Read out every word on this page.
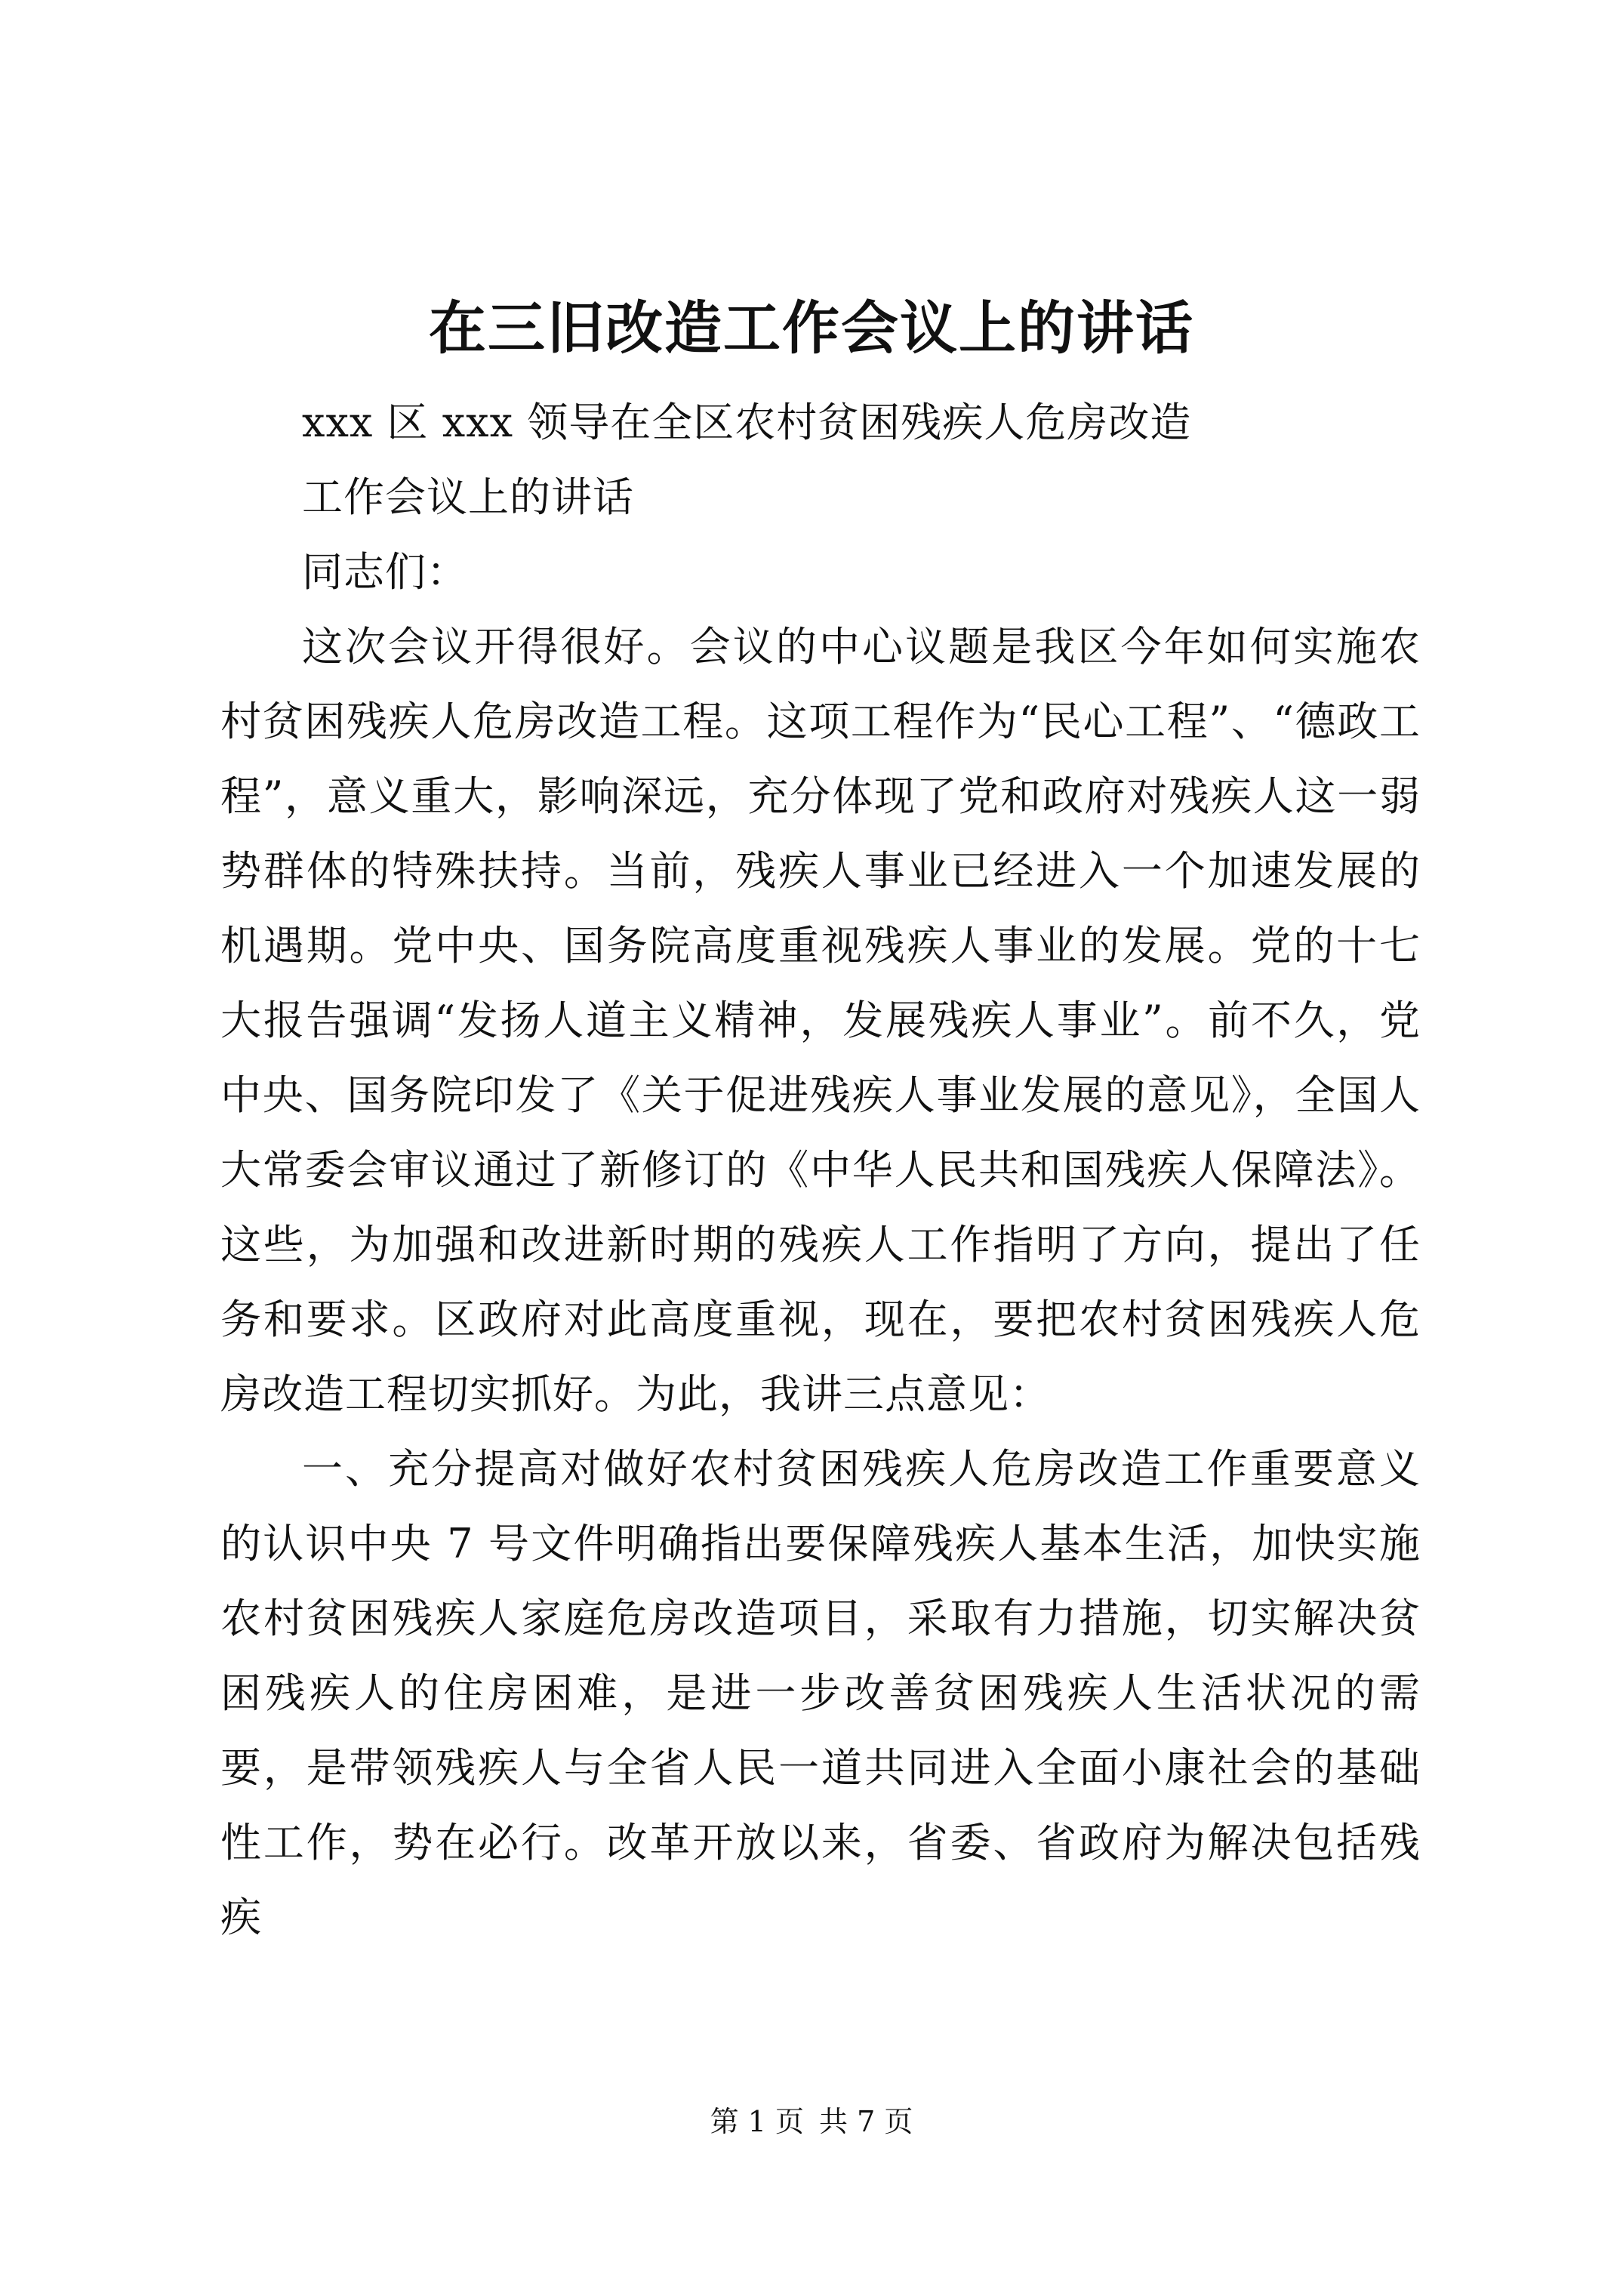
在三旧改造工作会议上的讲话

xxx 区 xxx 领导在全区农村贫困残疾人危房改造

工作会议上的讲话

同志们：

这次会议开得很好。会议的中心议题是我区今年如何实施农村贫困残疾人危房改造工程。这项工程作为“民心工程”、“德政工程”，意义重大，影响深远，充分体现了党和政府对残疾人这一弱势群体的特殊扶持。当前，残疾人事业已经进入一个加速发展的机遇期。党中央、国务院高度重视残疾人事业的发展。党的十七大报告强调“发扬人道主义精神，发展残疾人事业”。前不久，党中央、国务院印发了《关于促进残疾人事业发展的意见》，全国人大常委会审议通过了新修订的《中华人民共和国残疾人保障法》。这些，为加强和改进新时期的残疾人工作指明了方向，提出了任务和要求。区政府对此高度重视，现在，要把农村贫困残疾人危房改造工程切实抓好。为此，我讲三点意见：

一、充分提高对做好农村贫困残疾人危房改造工作重要意义的认识中央 7 号文件明确指出要保障残疾人基本生活，加快实施农村贫困残疾人家庭危房改造项目，采取有力措施，切实解决贫困残疾人的住房困难，是进一步改善贫困残疾人生活状况的需要，是带领残疾人与全省人民一道共同进入全面小康社会的基础性工作，势在必行。改革开放以来，省委、省政府为解决包括残疾

第 1 页 共 7 页
